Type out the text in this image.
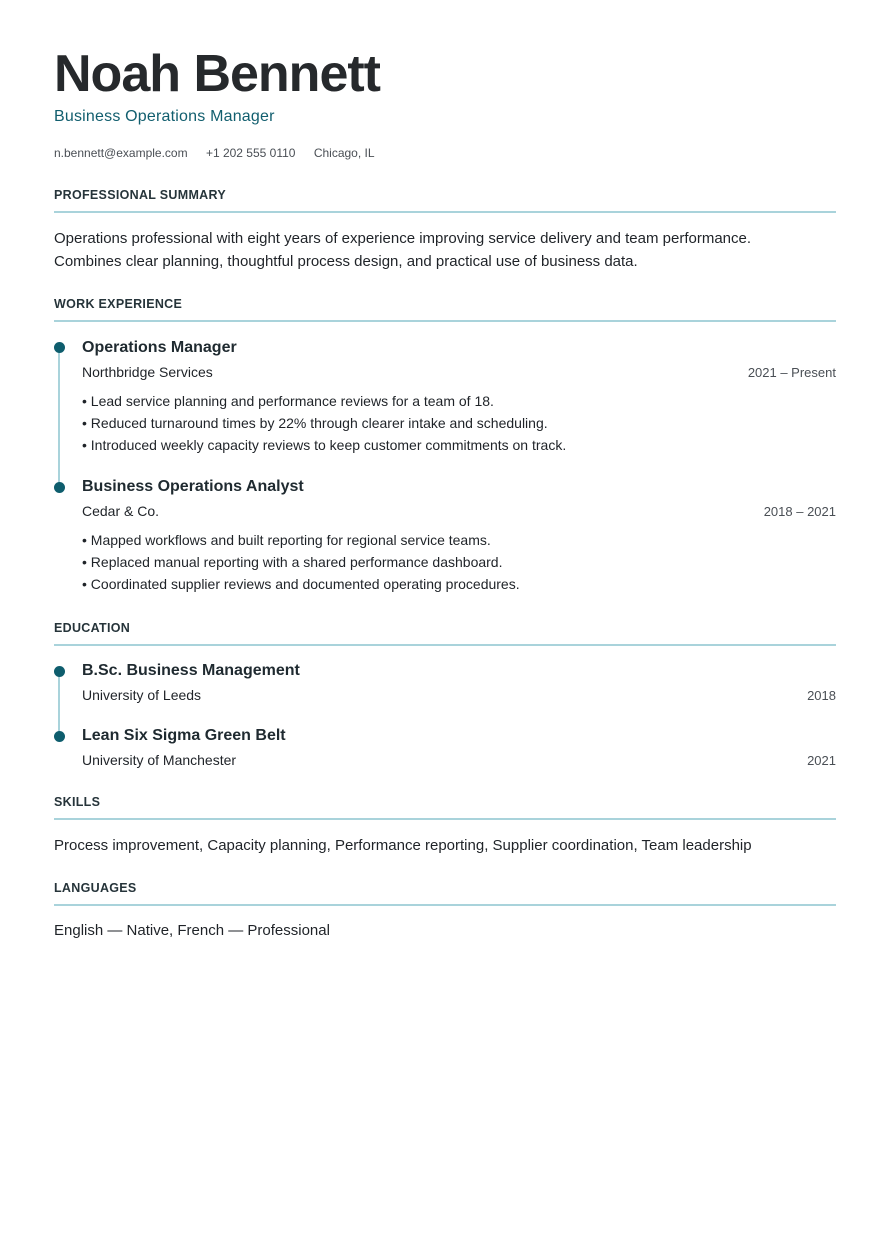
Noah Bennett
Business Operations Manager
n.bennett@example.com +1 202 555 0110 Chicago, IL
PROFESSIONAL SUMMARY
Operations professional with eight years of experience improving service delivery and team performance.
Combines clear planning, thoughtful process design, and practical use of business data.
WORK EXPERIENCE
Operations Manager
Northbridge Services	2021 – Present
• Lead service planning and performance reviews for a team of 18.
• Reduced turnaround times by 22% through clearer intake and scheduling.
• Introduced weekly capacity reviews to keep customer commitments on track.
Business Operations Analyst
Cedar & Co.	2018 – 2021
• Mapped workflows and built reporting for regional service teams.
• Replaced manual reporting with a shared performance dashboard.
• Coordinated supplier reviews and documented operating procedures.
EDUCATION
B.Sc. Business Management
University of Leeds	2018
Lean Six Sigma Green Belt
University of Manchester	2021
SKILLS
Process improvement, Capacity planning, Performance reporting, Supplier coordination, Team leadership
LANGUAGES
English — Native, French — Professional
